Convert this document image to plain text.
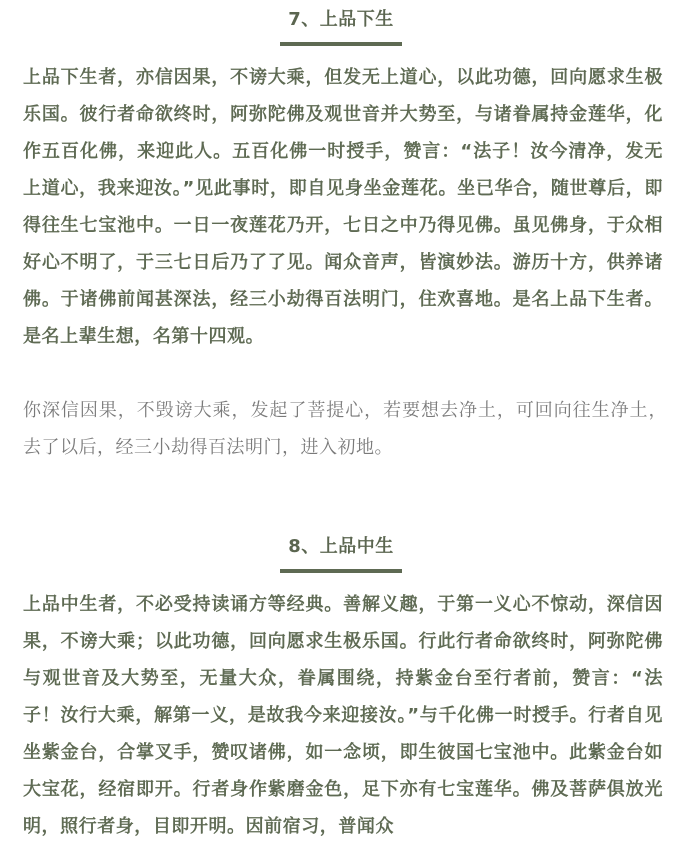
7、上品下生

上品下生者，亦信因果，不谤大乘，但发无上道心，以此功德，回向愿求生极乐国。彼行者命欲终时，阿弥陀佛及观世音并大势至，与诸眷属持金莲华，化作五百化佛，来迎此人。五百化佛一时授手，赞言：“法子！汝今清净，发无上道心，我来迎汝。”见此事时，即自见身坐金莲花。坐已华合，随世尊后，即得往生七宝池中。一日一夜莲花乃开，七日之中乃得见佛。虽见佛身，于众相好心不明了，于三七日后乃了了见。闻众音声，皆演妙法。游历十方，供养诸佛。于诸佛前闻甚深法，经三小劫得百法明门，住欢喜地。是名上品下生者。是名上辈生想，名第十四观。

你深信因果，不毁谤大乘，发起了菩提心，若要想去净土，可回向往生净土，去了以后，经三小劫得百法明门，进入初地。

8、上品中生

上品中生者，不必受持读诵方等经典。善解义趣，于第一义心不惊动，深信因果，不谤大乘；以此功德，回向愿求生极乐国。行此行者命欲终时，阿弥陀佛与观世音及大势至，无量大众，眷属围绕，持紫金台至行者前，赞言：“法子！汝行大乘，解第一义，是故我今来迎接汝。”与千化佛一时授手。行者自见坐紫金台，合掌叉手，赞叹诸佛，如一念顷，即生彼国七宝池中。此紫金台如大宝花，经宿即开。行者身作紫磨金色，足下亦有七宝莲华。佛及菩萨俱放光明，照行者身，目即开明。因前宿习，普闻众
